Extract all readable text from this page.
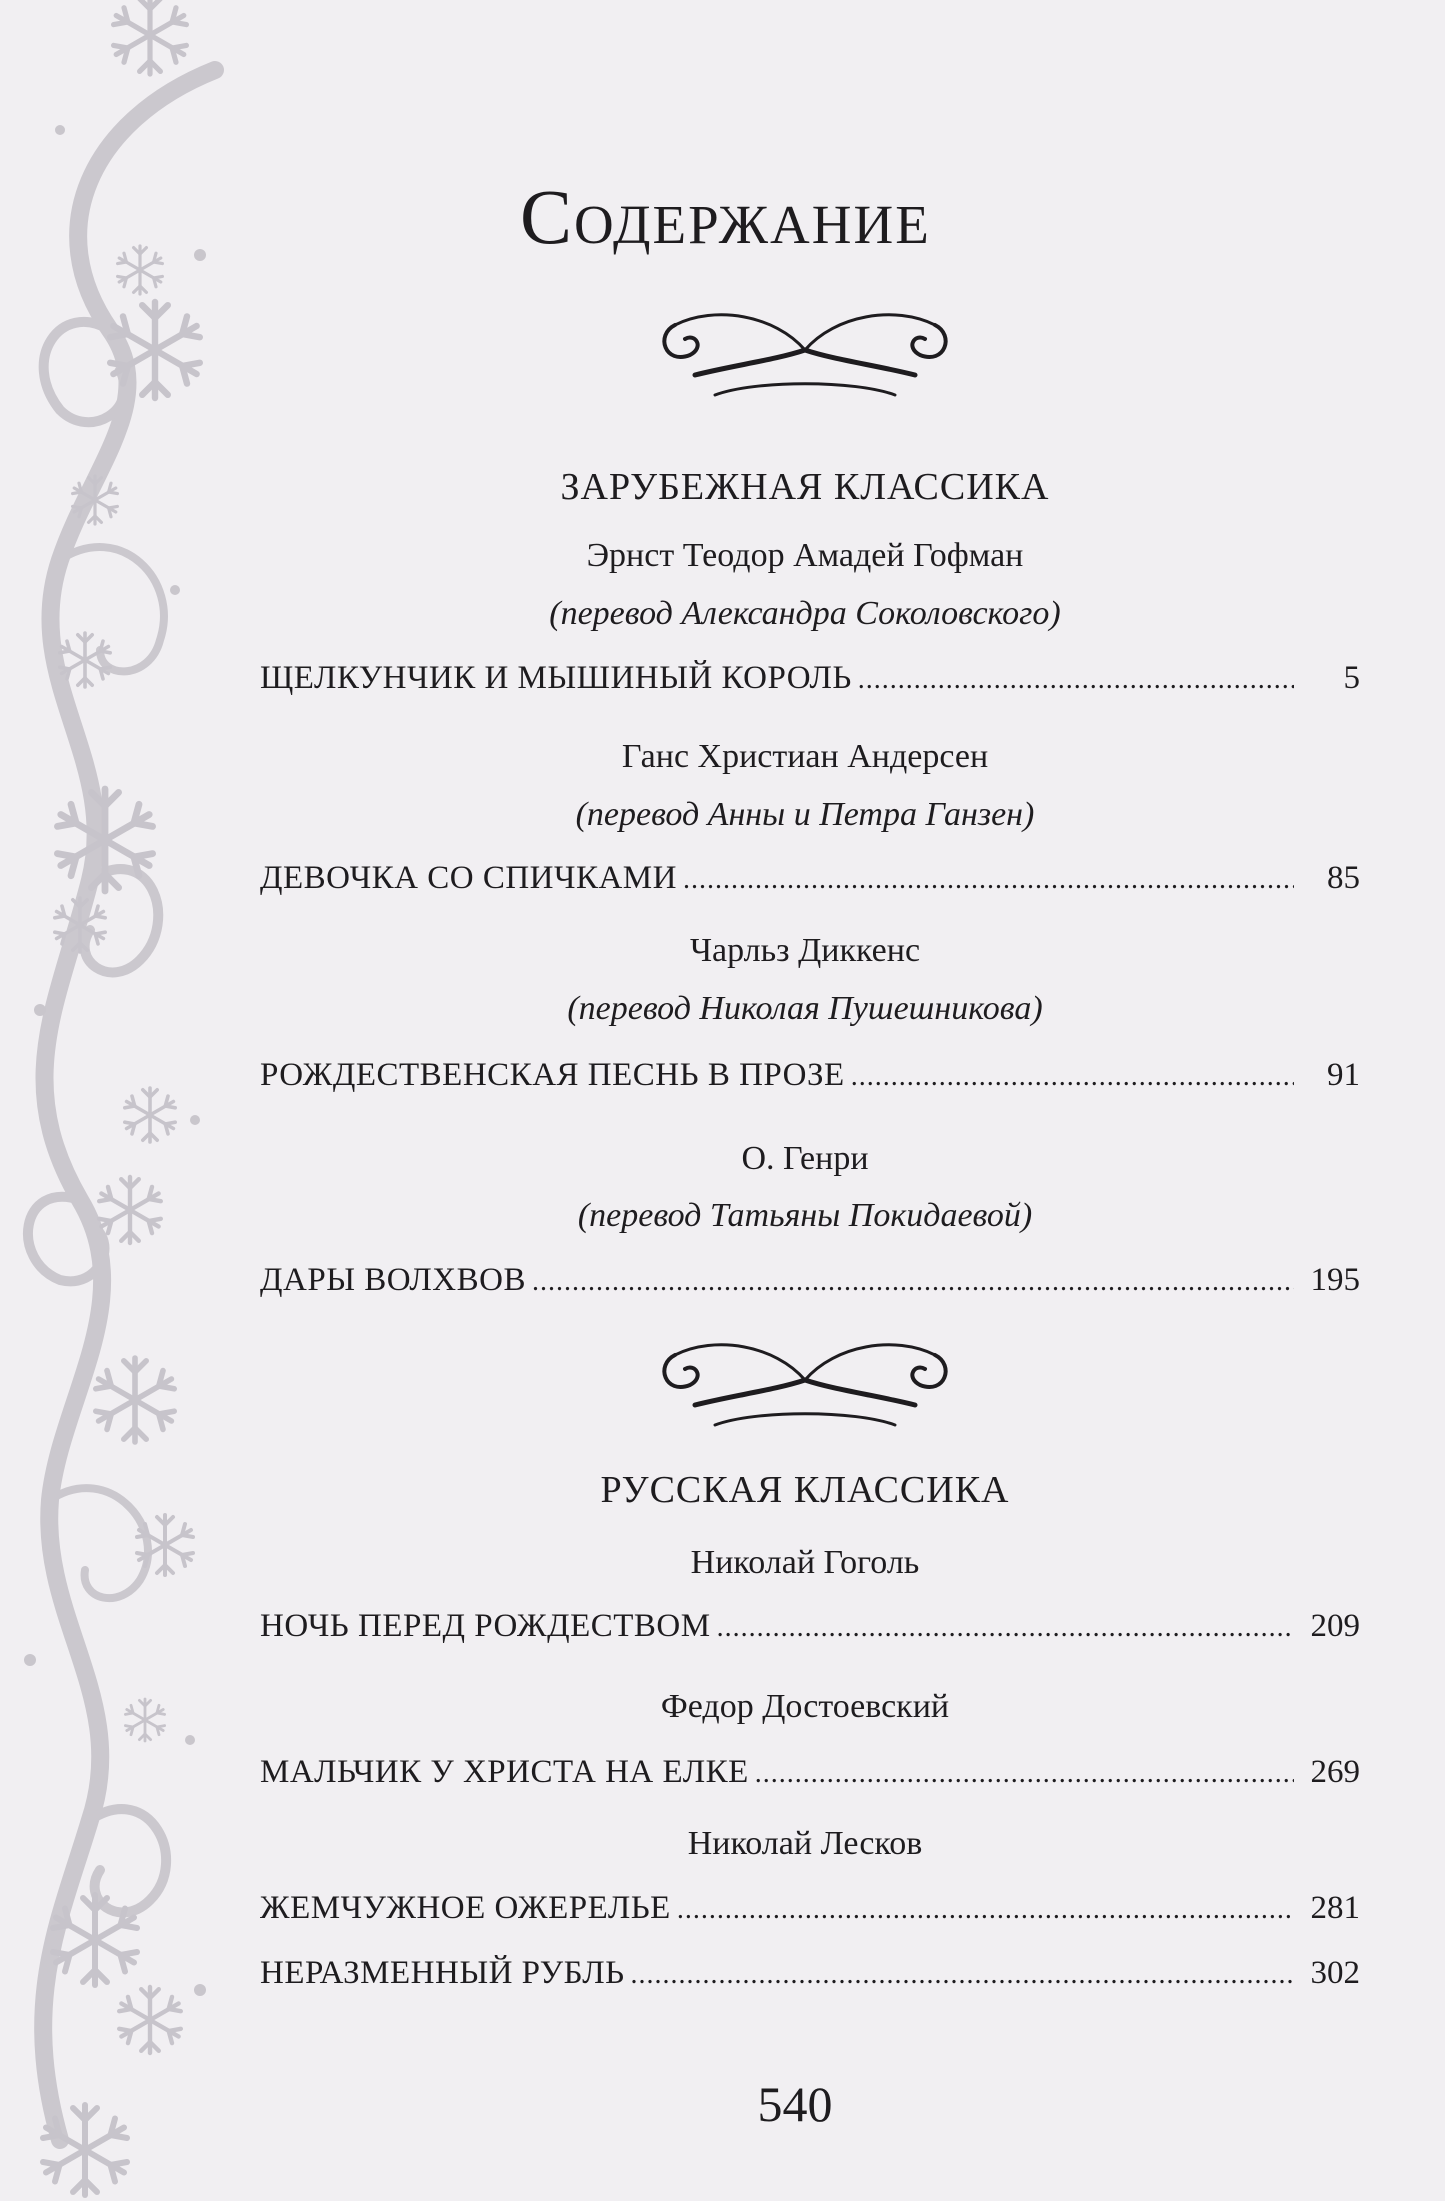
Содержание
ЗАРУБЕЖНАЯ КЛАССИКА
Эрнст Теодор Амадей Гофман
(перевод Александра Соколовского)
ЩЕЛКУНЧИК И МЫШИНЫЙ КОРОЛЬ .....	5
Ганс Христиан Андерсен
(перевод Анны и Петра Ганзен)
ДЕВОЧКА СО СПИЧКАМИ .....	85
Чарльз Диккенс
(перевод Николая Пушешникова)
РОЖДЕСТВЕНСКАЯ ПЕСНЬ В ПРОЗЕ .....	91
О. Генри
(перевод Татьяны Покидаевой)
ДАРЫ ВОЛХВОВ .....	195
РУССКАЯ КЛАССИКА
Николай Гоголь
НОЧЬ ПЕРЕД РОЖДЕСТВОМ .....	209
Федор Достоевский
МАЛЬЧИК У ХРИСТА НА ЕЛКЕ .....	269
Николай Лесков
ЖЕМЧУЖНОЕ ОЖЕРЕЛЬЕ .....	281
НЕРАЗМЕННЫЙ РУБЛЬ .....	302
540
